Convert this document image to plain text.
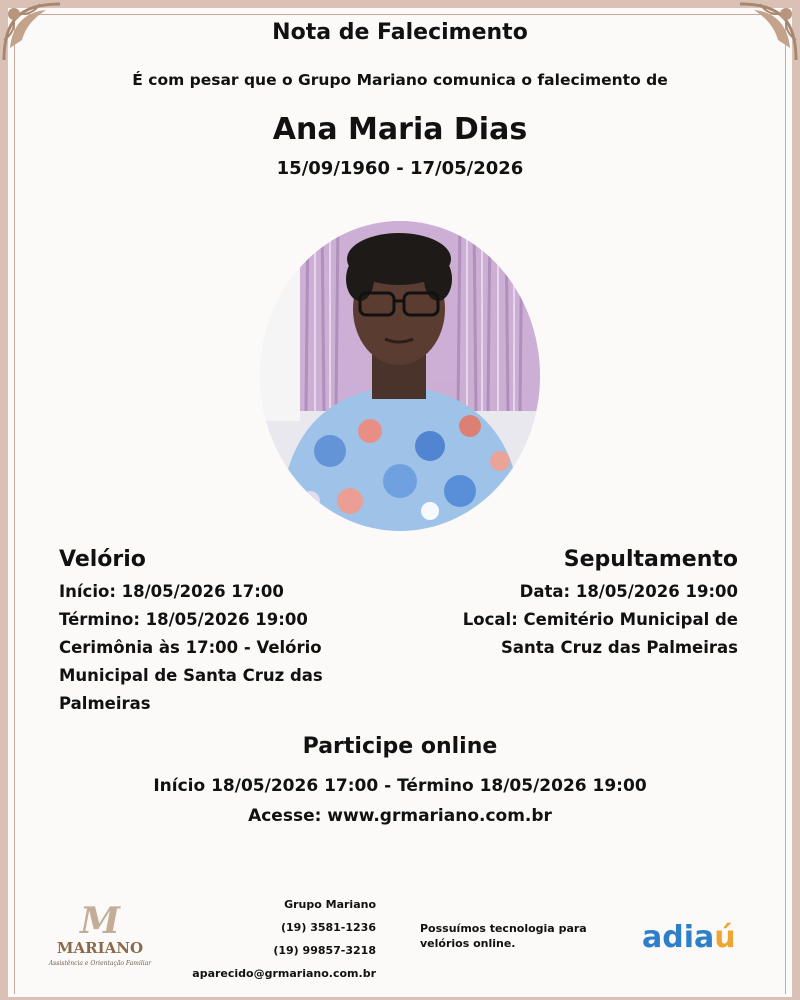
Nota de Falecimento
É com pesar que o Grupo Mariano comunica o falecimento de
Ana Maria Dias
15/09/1960 - 17/05/2026
Velório
Início: 18/05/2026 17:00
Término: 18/05/2026 19:00
Cerimônia às 17:00 - Velório
Municipal de Santa Cruz das
Palmeiras
Sepultamento
Data: 18/05/2026 19:00
Local: Cemitério Municipal de
Santa Cruz das Palmeiras
Participe online
Início 18/05/2026 17:00 - Término 18/05/2026 19:00
Acesse: www.grmariano.com.br
M
MARIANO
Assistência e Orientação Familiar
Grupo Mariano
(19) 3581-1236
(19) 99857-3218
aparecido@grmariano.com.br
Possuímos tecnologia para velórios online.	adiaú
